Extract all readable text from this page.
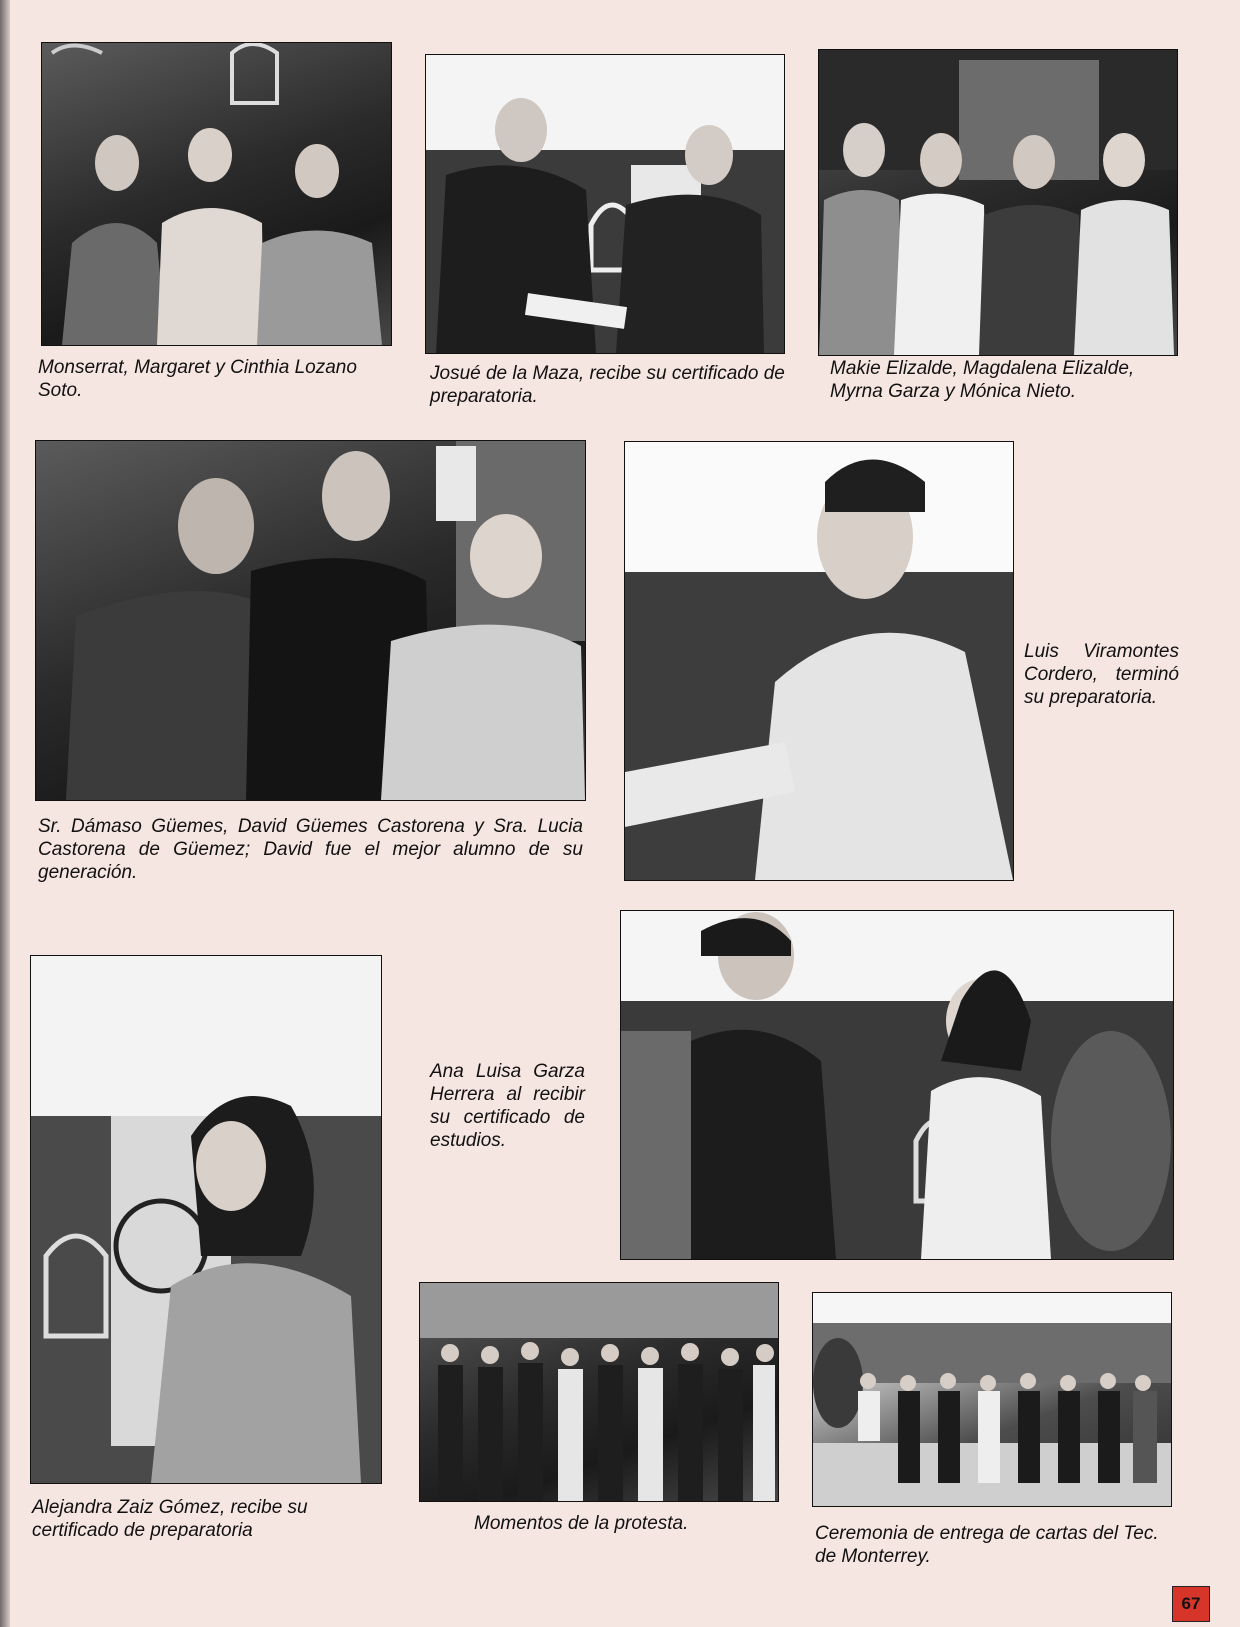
Monserrat, Margaret y Cinthia Lozano Soto.

Josué de la Maza, recibe su certificado de preparatoria.

Makie Elizalde, Magdalena Elizalde, Myrna Garza y Mónica Nieto.

Sr. Dámaso Güemes, David Güemes Castorena y Sra. Lucia Castorena de Güemez; David fue el mejor alumno de su generación.

Luis Viramontes Cordero, terminó su preparatoria.

Alejandra Zaiz Gómez, recibe su certificado de preparatoria

Ana Luisa Garza Herrera al recibir su certificado de estudios.

Momentos de la protesta.	Ceremonia de entrega de cartas del Tec. de Monterrey.

67
